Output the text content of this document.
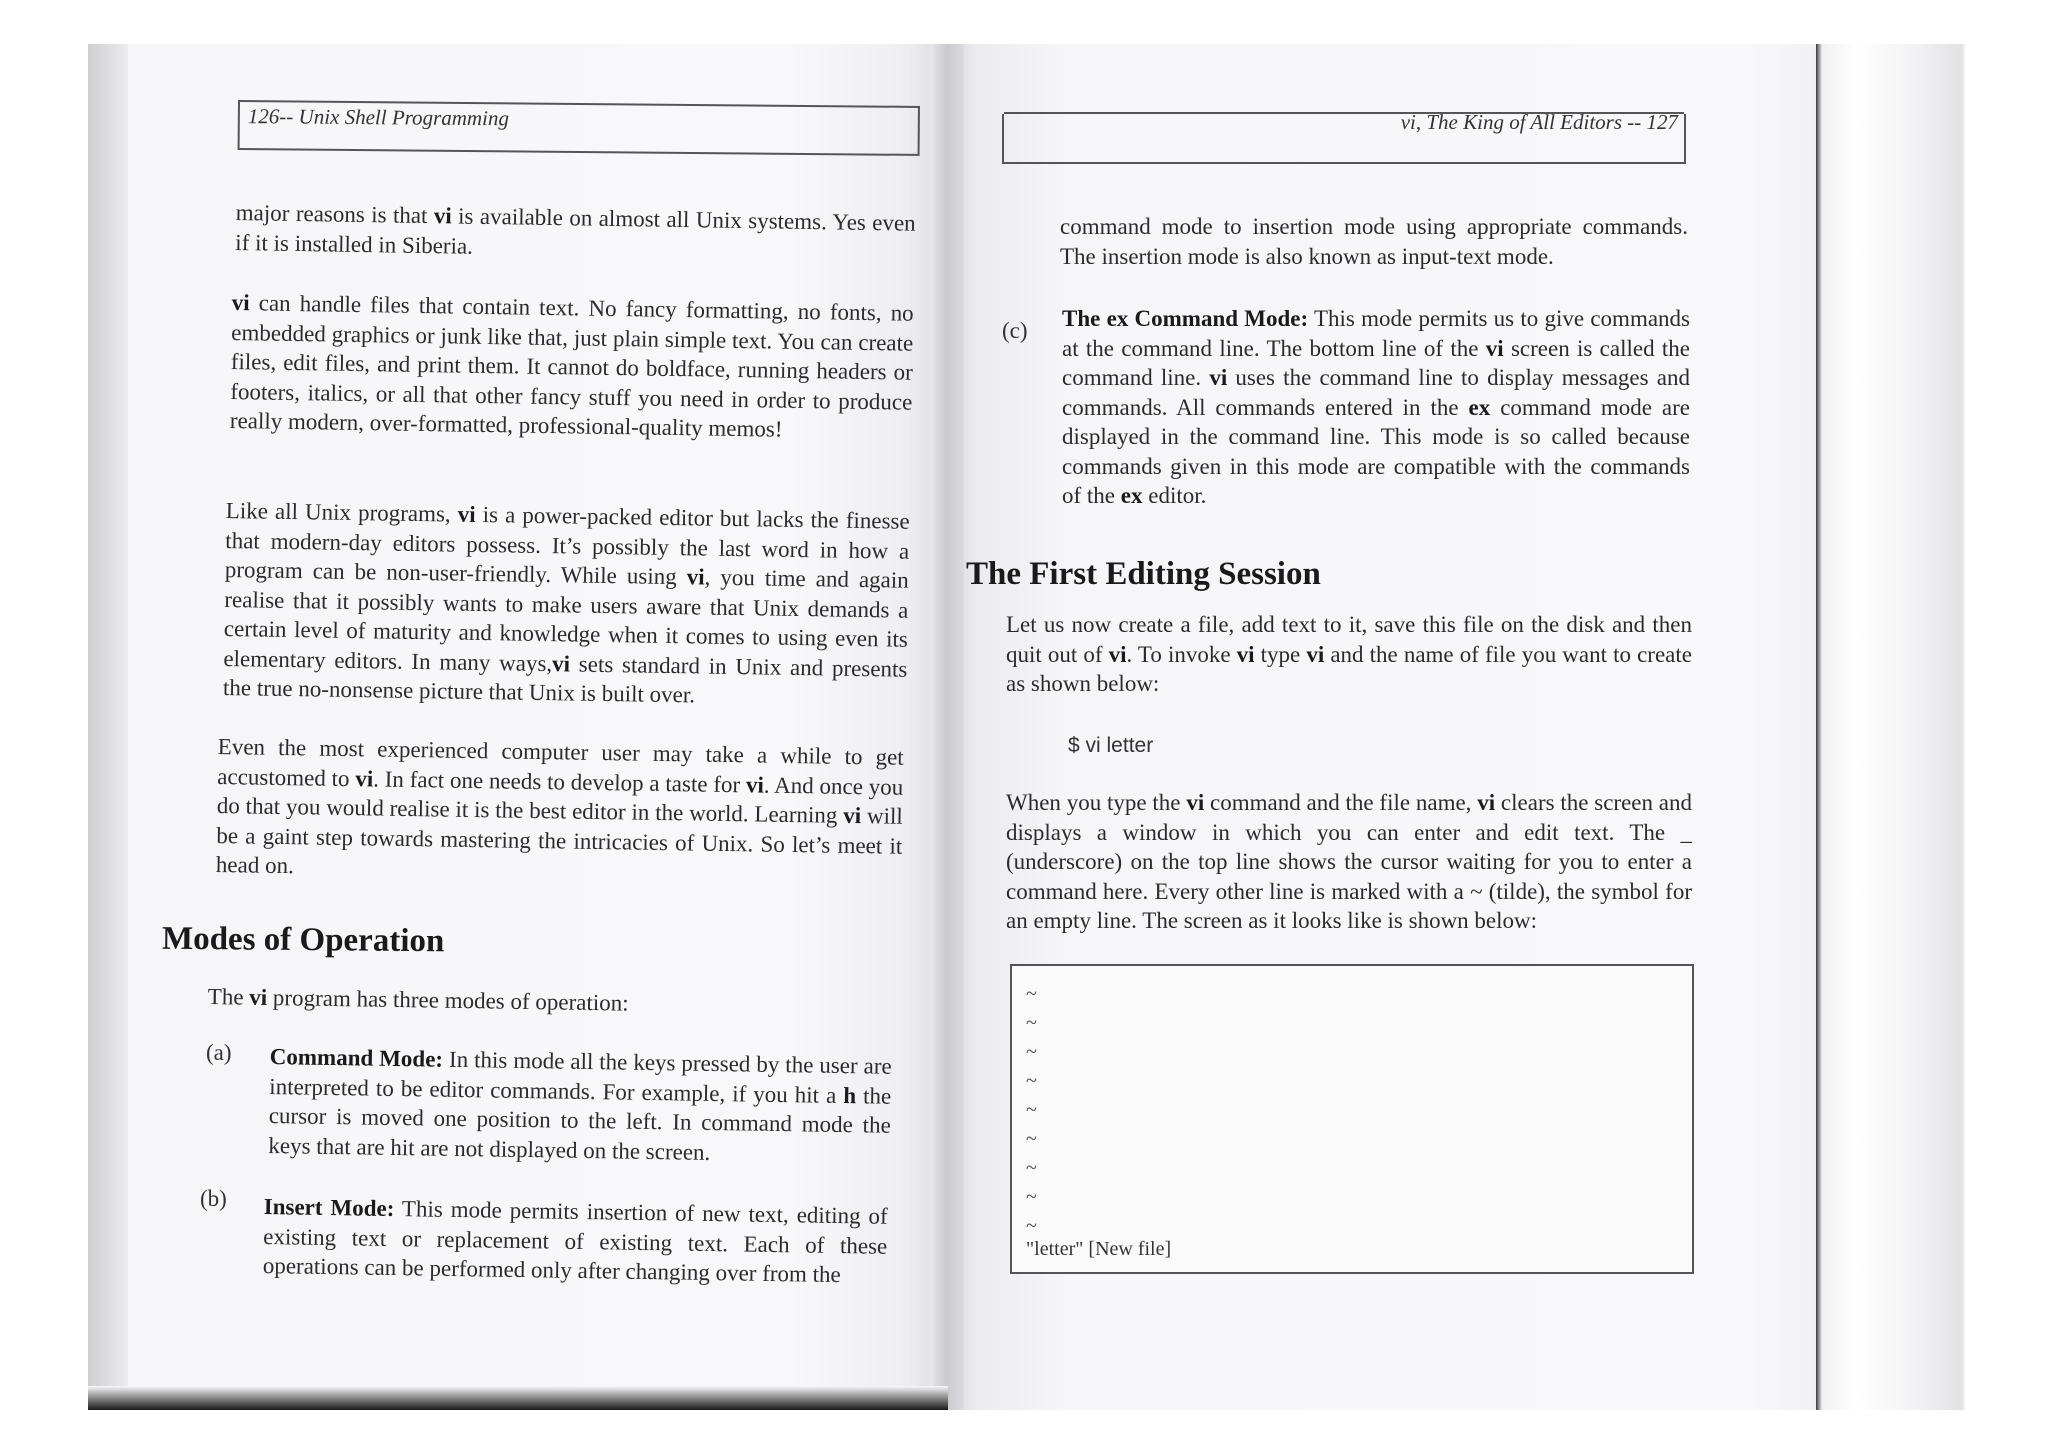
126-- Unix Shell Programming

major reasons is that vi is available on almost all Unix systems. Yes even if it is installed in Siberia.

vi can handle files that contain text. No fancy formatting, no fonts, no embedded graphics or junk like that, just plain simple text. You can create files, edit files, and print them. It cannot do boldface, running headers or footers, italics, or all that other fancy stuff you need in order to produce really modern, over-formatted, professional-quality memos!

Like all Unix programs, vi is a power-packed editor but lacks the finesse that modern-day editors possess. It’s possibly the last word in how a program can be non-user-friendly. While using vi, you time and again realise that it possibly wants to make users aware that Unix demands a certain level of maturity and knowledge when it comes to using even its elementary editors. In many ways,vi sets standard in Unix and presents the true no-nonsense picture that Unix is built over.

Even the most experienced computer user may take a while to get accustomed to vi. In fact one needs to develop a taste for vi. And once you do that you would realise it is the best editor in the world. Learning vi will be a gaint step towards mastering the intricacies of Unix. So let’s meet it head on.

Modes of Operation

The vi program has three modes of operation:

(a) Command Mode: In this mode all the keys pressed by the user are interpreted to be editor commands. For example, if you hit a h the cursor is moved one position to the left. In command mode the keys that are hit are not displayed on the screen.

(b) Insert Mode: This mode permits insertion of new text, editing of existing text or replacement of existing text. Each of these operations can be performed only after changing over from the

vi, The King of All Editors -- 127

command mode to insertion mode using appropriate commands. The insertion mode is also known as input-text mode.

(c) The ex Command Mode: This mode permits us to give commands at the command line. The bottom line of the vi screen is called the command line. vi uses the command line to display messages and commands. All commands entered in the ex command mode are displayed in the command line. This mode is so called because commands given in this mode are compatible with the commands of the ex editor.

The First Editing Session

Let us now create a file, add text to it, save this file on the disk and then quit out of vi. To invoke vi type vi and the name of file you want to create as shown below:

$ vi letter

When you type the vi command and the file name, vi clears the screen and displays a window in which you can enter and edit text. The _ (underscore) on the top line shows the cursor waiting for you to enter a command here. Every other line is marked with a ~ (tilde), the symbol for an empty line. The screen as it looks like is shown below:

~
~
~
~
~
~
~
~
~
"letter" [New file]
